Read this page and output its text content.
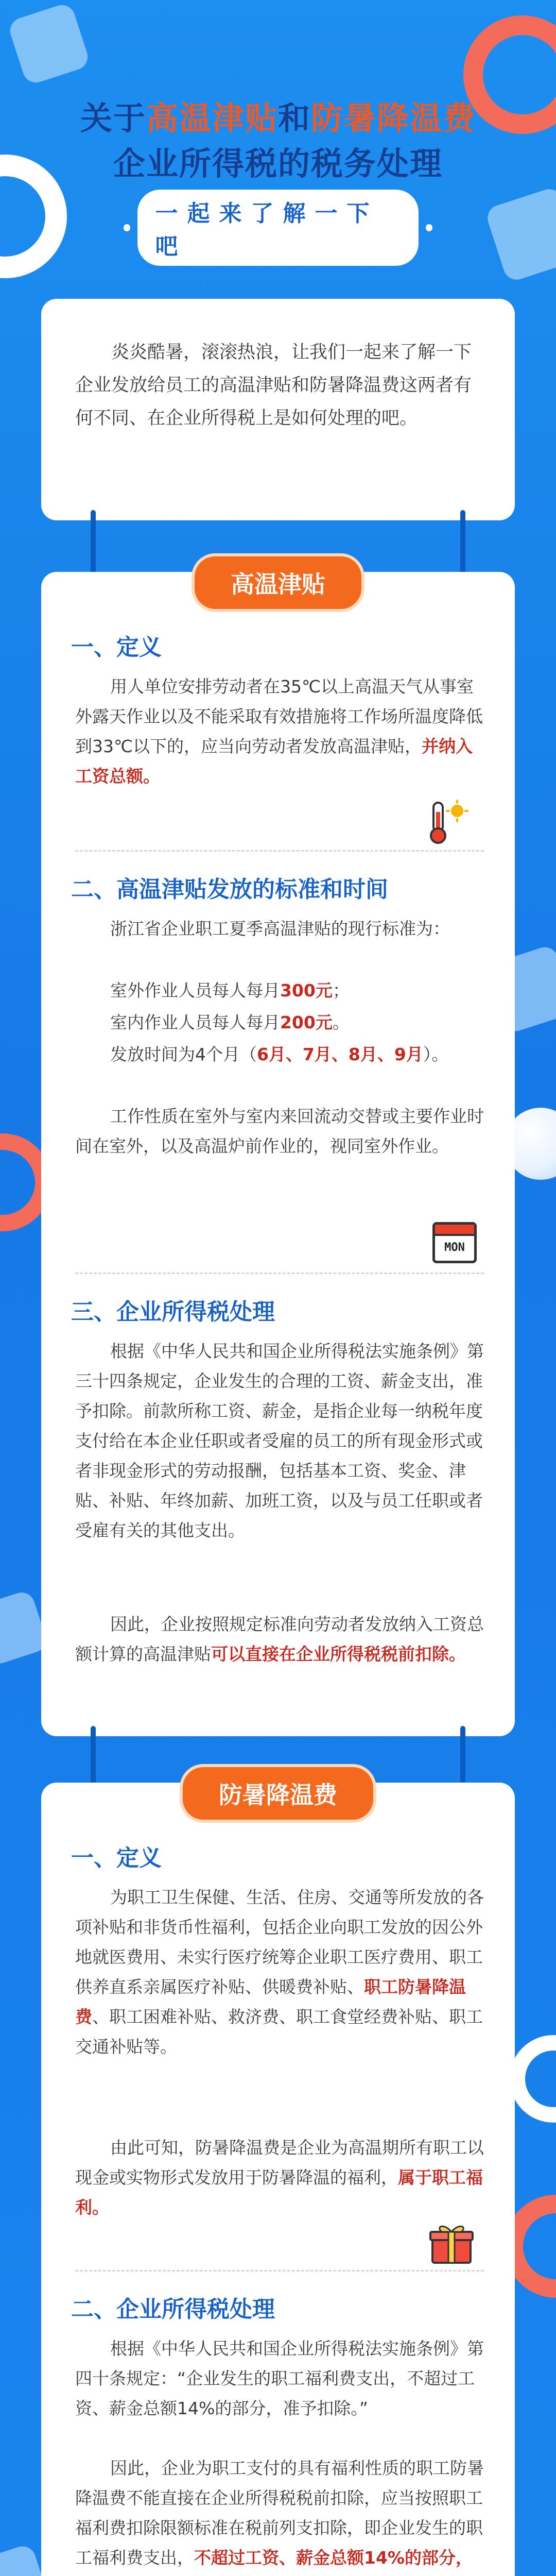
关于高温津贴和防暑降温费
企业所得税的税务处理
一起来了解一下吧
炎炎酷暑，滚滚热浪，让我们一起来了解一下企业发放给员工的高温津贴和防暑降温费这两者有何不同、在企业所得税上是如何处理的吧。
高温津贴
一、定义
用人单位安排劳动者在35℃以上高温天气从事室外露天作业以及不能采取有效措施将工作场所温度降低到33℃以下的，应当向劳动者发放高温津贴，并纳入工资总额。
二、高温津贴发放的标准和时间
浙江省企业职工夏季高温津贴的现行标准为：
室外作业人员每人每月300元；
室内作业人员每人每月200元。
发放时间为4个月（6月、7月、8月、9月）。
工作性质在室外与室内来回流动交替或主要作业时间在室外，以及高温炉前作业的，视同室外作业。
MON
三、企业所得税处理
根据《中华人民共和国企业所得税法实施条例》第三十四条规定，企业发生的合理的工资、薪金支出，准予扣除。前款所称工资、薪金，是指企业每一纳税年度支付给在本企业任职或者受雇的员工的所有现金形式或者非现金形式的劳动报酬，包括基本工资、奖金、津贴、补贴、年终加薪、加班工资，以及与员工任职或者受雇有关的其他支出。
因此，企业按照规定标准向劳动者发放纳入工资总额计算的高温津贴可以直接在企业所得税税前扣除。
防暑降温费
一、定义
为职工卫生保健、生活、住房、交通等所发放的各项补贴和非货币性福利，包括企业向职工发放的因公外地就医费用、未实行医疗统筹企业职工医疗费用、职工供养直系亲属医疗补贴、供暖费补贴、职工防暑降温费、职工困难补贴、救济费、职工食堂经费补贴、职工交通补贴等。
由此可知，防暑降温费是企业为高温期所有职工以现金或实物形式发放用于防暑降温的福利，属于职工福利。
二、企业所得税处理
根据《中华人民共和国企业所得税法实施条例》第四十条规定：“企业发生的职工福利费支出，不超过工资、薪金总额14%的部分，准予扣除。”
因此，企业为职工支付的具有福利性质的职工防暑降温费不能直接在企业所得税税前扣除，应当按照职工福利费扣除限额标准在税前列支扣除，即企业发生的职工福利费支出，不超过工资、薪金总额14%的部分，
